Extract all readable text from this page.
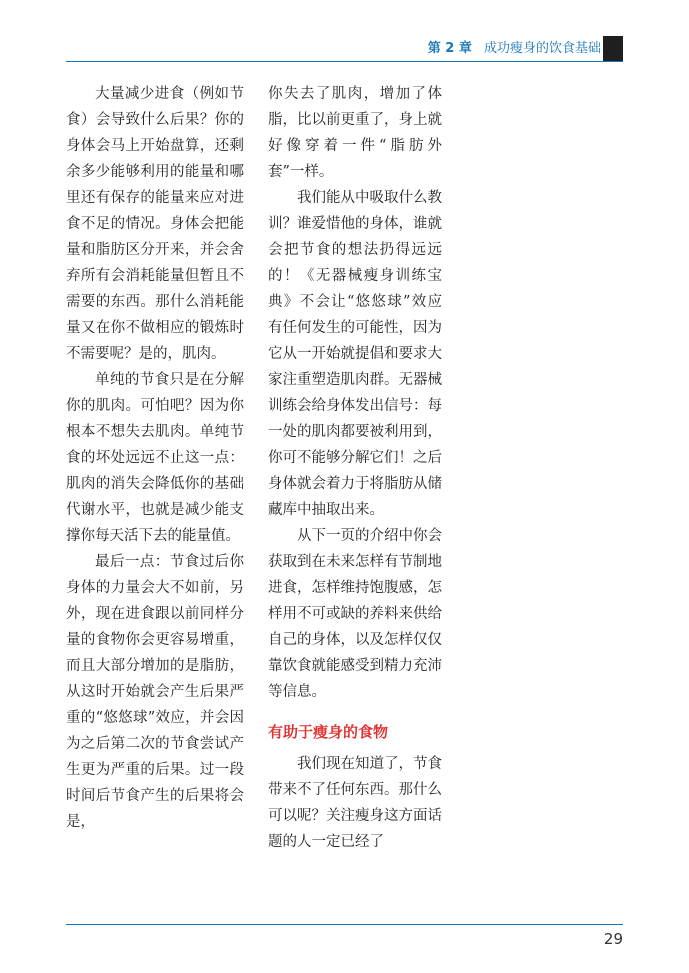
第 2 章 成功瘦身的饮食基础

大量减少进食（例如节食）会导致什么后果？你的身体会马上开始盘算，还剩余多少能够利用的能量和哪里还有保存的能量来应对进食不足的情况。身体会把能量和脂肪区分开来，并会舍弃所有会消耗能量但暂且不需要的东西。那什么消耗能量又在你不做相应的锻炼时不需要呢？是的，肌肉。

单纯的节食只是在分解你的肌肉。可怕吧？因为你根本不想失去肌肉。单纯节食的坏处远远不止这一点：肌肉的消失会降低你的基础代谢水平，也就是减少能支撑你每天活下去的能量值。

最后一点：节食过后你身体的力量会大不如前，另外，现在进食跟以前同样分量的食物你会更容易增重，而且大部分增加的是脂肪，从这时开始就会产生后果严重的“悠悠球”效应，并会因为之后第二次的节食尝试产生更为严重的后果。过一段时间后节食产生的后果将会是，

你失去了肌肉，增加了体脂，比以前更重了，身上就好像穿着一件“脂肪外套”一样。

我们能从中吸取什么教训？谁爱惜他的身体，谁就会把节食的想法扔得远远的！《无器械瘦身训练宝典》不会让“悠悠球”效应有任何发生的可能性，因为它从一开始就提倡和要求大家注重塑造肌肉群。无器械训练会给身体发出信号：每一处的肌肉都要被利用到，你可不能够分解它们！之后身体就会着力于将脂肪从储藏库中抽取出来。

从下一页的介绍中你会获取到在未来怎样有节制地进食，怎样维持饱腹感，怎样用不可或缺的养料来供给自己的身体，以及怎样仅仅靠饮食就能感受到精力充沛等信息。

有助于瘦身的食物

我们现在知道了，节食带来不了任何东西。那什么可以呢？关注瘦身这方面话题的人一定已经了

29
